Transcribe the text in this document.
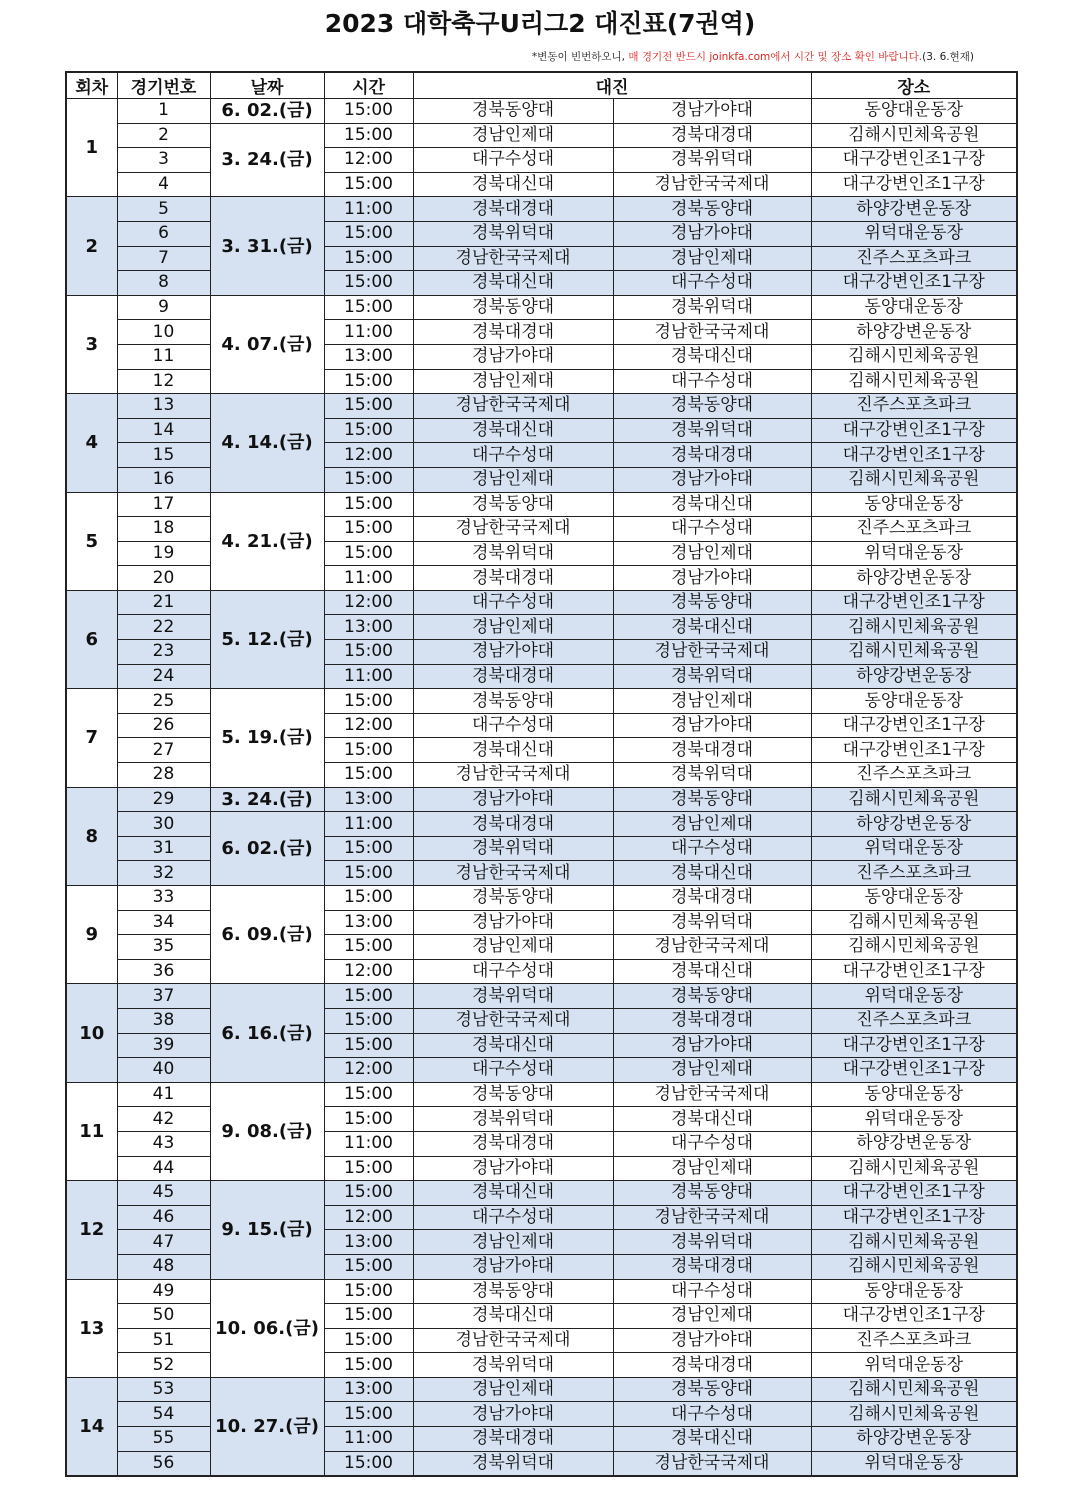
2023 대학축구U리그2 대진표(7권역)
*변동이 빈번하오니, 매 경기전 반드시 joinkfa.com에서 시간 및 장소 확인 바랍니다.(3. 6.현재)
회차	경기번호	날짜	시간	대진		장소
1	1	6. 02.(금)	15:00	경북동양대	경남가야대	동양대운동장
	2	3. 24.(금)	15:00	경남인제대	경북대경대	김해시민체육공원
	3		12:00	대구수성대	경북위덕대	대구강변인조1구장
	4		15:00	경북대신대	경남한국국제대	대구강변인조1구장
2	5	3. 31.(금)	11:00	경북대경대	경북동양대	하양강변운동장
	6		15:00	경북위덕대	경남가야대	위덕대운동장
	7		15:00	경남한국국제대	경남인제대	진주스포츠파크
	8		15:00	경북대신대	대구수성대	대구강변인조1구장
3	9	4. 07.(금)	15:00	경북동양대	경북위덕대	동양대운동장
	10		11:00	경북대경대	경남한국국제대	하양강변운동장
	11		13:00	경남가야대	경북대신대	김해시민체육공원
	12		15:00	경남인제대	대구수성대	김해시민체육공원
4	13	4. 14.(금)	15:00	경남한국국제대	경북동양대	진주스포츠파크
	14		15:00	경북대신대	경북위덕대	대구강변인조1구장
	15		12:00	대구수성대	경북대경대	대구강변인조1구장
	16		15:00	경남인제대	경남가야대	김해시민체육공원
5	17	4. 21.(금)	15:00	경북동양대	경북대신대	동양대운동장
	18		15:00	경남한국국제대	대구수성대	진주스포츠파크
	19		15:00	경북위덕대	경남인제대	위덕대운동장
	20		11:00	경북대경대	경남가야대	하양강변운동장
6	21	5. 12.(금)	12:00	대구수성대	경북동양대	대구강변인조1구장
	22		13:00	경남인제대	경북대신대	김해시민체육공원
	23		15:00	경남가야대	경남한국국제대	김해시민체육공원
	24		11:00	경북대경대	경북위덕대	하양강변운동장
7	25	5. 19.(금)	15:00	경북동양대	경남인제대	동양대운동장
	26		12:00	대구수성대	경남가야대	대구강변인조1구장
	27		15:00	경북대신대	경북대경대	대구강변인조1구장
	28		15:00	경남한국국제대	경북위덕대	진주스포츠파크
8	29	3. 24.(금)	13:00	경남가야대	경북동양대	김해시민체육공원
	30	6. 02.(금)	11:00	경북대경대	경남인제대	하양강변운동장
	31		15:00	경북위덕대	대구수성대	위덕대운동장
	32		15:00	경남한국국제대	경북대신대	진주스포츠파크
9	33	6. 09.(금)	15:00	경북동양대	경북대경대	동양대운동장
	34		13:00	경남가야대	경북위덕대	김해시민체육공원
	35		15:00	경남인제대	경남한국국제대	김해시민체육공원
	36		12:00	대구수성대	경북대신대	대구강변인조1구장
10	37	6. 16.(금)	15:00	경북위덕대	경북동양대	위덕대운동장
	38		15:00	경남한국국제대	경북대경대	진주스포츠파크
	39		15:00	경북대신대	경남가야대	대구강변인조1구장
	40		12:00	대구수성대	경남인제대	대구강변인조1구장
11	41	9. 08.(금)	15:00	경북동양대	경남한국국제대	동양대운동장
	42		15:00	경북위덕대	경북대신대	위덕대운동장
	43		11:00	경북대경대	대구수성대	하양강변운동장
	44		15:00	경남가야대	경남인제대	김해시민체육공원
12	45	9. 15.(금)	15:00	경북대신대	경북동양대	대구강변인조1구장
	46		12:00	대구수성대	경남한국국제대	대구강변인조1구장
	47		13:00	경남인제대	경북위덕대	김해시민체육공원
	48		15:00	경남가야대	경북대경대	김해시민체육공원
13	49	10. 06.(금)	15:00	경북동양대	대구수성대	동양대운동장
	50		15:00	경북대신대	경남인제대	대구강변인조1구장
	51		15:00	경남한국국제대	경남가야대	진주스포츠파크
	52		15:00	경북위덕대	경북대경대	위덕대운동장
14	53	10. 27.(금)	13:00	경남인제대	경북동양대	김해시민체육공원
	54		15:00	경남가야대	대구수성대	김해시민체육공원
	55		11:00	경북대경대	경북대신대	하양강변운동장
	56		15:00	경북위덕대	경남한국국제대	위덕대운동장
